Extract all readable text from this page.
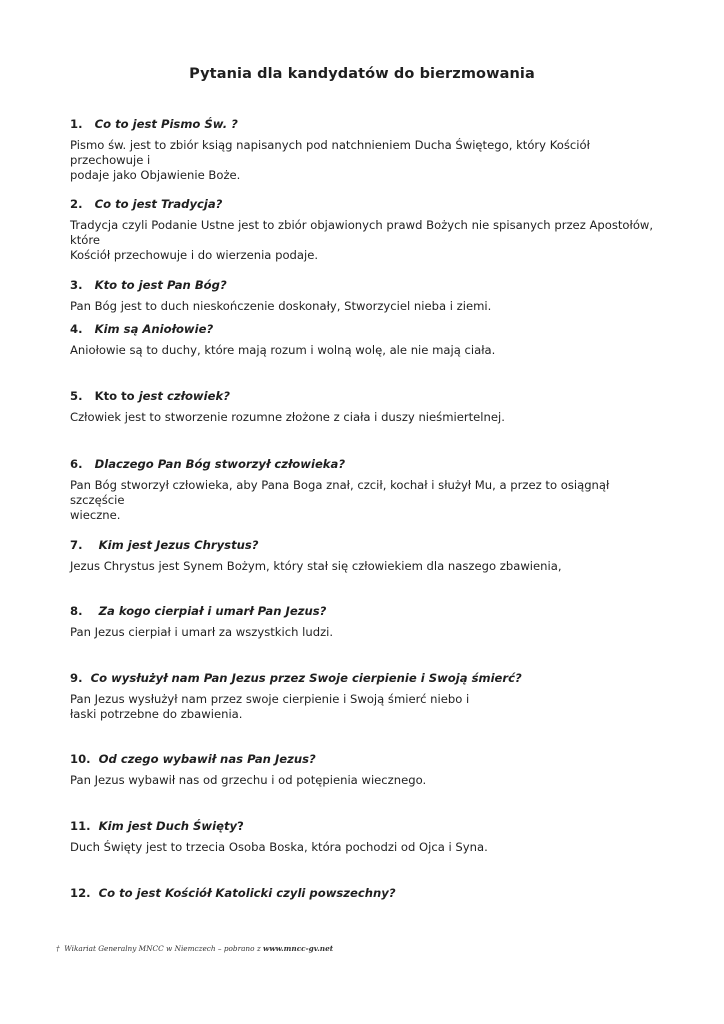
Pytania dla kandydatów do bierzmowania
1. Co to jest Pismo Św. ?
Pismo św. jest to zbiór ksiąg napisanych pod natchnieniem Ducha Świętego, który Kościół przechowuje i
podaje jako Objawienie Boże.
2. Co to jest Tradycja?
Tradycja czyli Podanie Ustne jest to zbiór objawionych prawd Bożych nie spisanych przez Apostołów, które
Kościół przechowuje i do wierzenia podaje.
3. Kto to jest Pan Bóg?
Pan Bóg jest to duch nieskończenie doskonały, Stworzyciel nieba i ziemi.
4. Kim są Aniołowie?
Aniołowie są to duchy, które mają rozum i wolną wolę, ale nie mają ciała.
5. Kto to jest człowiek?
Człowiek jest to stworzenie rozumne złożone z ciała i duszy nieśmiertelnej.
6. Dlaczego Pan Bóg stworzył człowieka?
Pan Bóg stworzył człowieka, aby Pana Boga znał, czcił, kochał i służył Mu, a przez to osiągnął szczęście
wieczne.
7. Kim jest Jezus Chrystus?
Jezus Chrystus jest Synem Bożym, który stał się człowiekiem dla naszego zbawienia,
8. Za kogo cierpiał i umarł Pan Jezus?
Pan Jezus cierpiał i umarł za wszystkich ludzi.
9. Co wysłużył nam Pan Jezus przez Swoje cierpienie i Swoją śmierć?
Pan Jezus wysłużył nam przez swoje cierpienie i Swoją śmierć niebo i
łaski potrzebne do zbawienia.
10. Od czego wybawił nas Pan Jezus?
Pan Jezus wybawił nas od grzechu i od potępienia wiecznego.
11. Kim jest Duch Święty?
Duch Święty jest to trzecia Osoba Boska, która pochodzi od Ojca i Syna.
12. Co to jest Kościół Katolicki czyli powszechny?
† Wikariat Generalny MNCC w Niemczech – pobrano z www.mncc-gv.net
